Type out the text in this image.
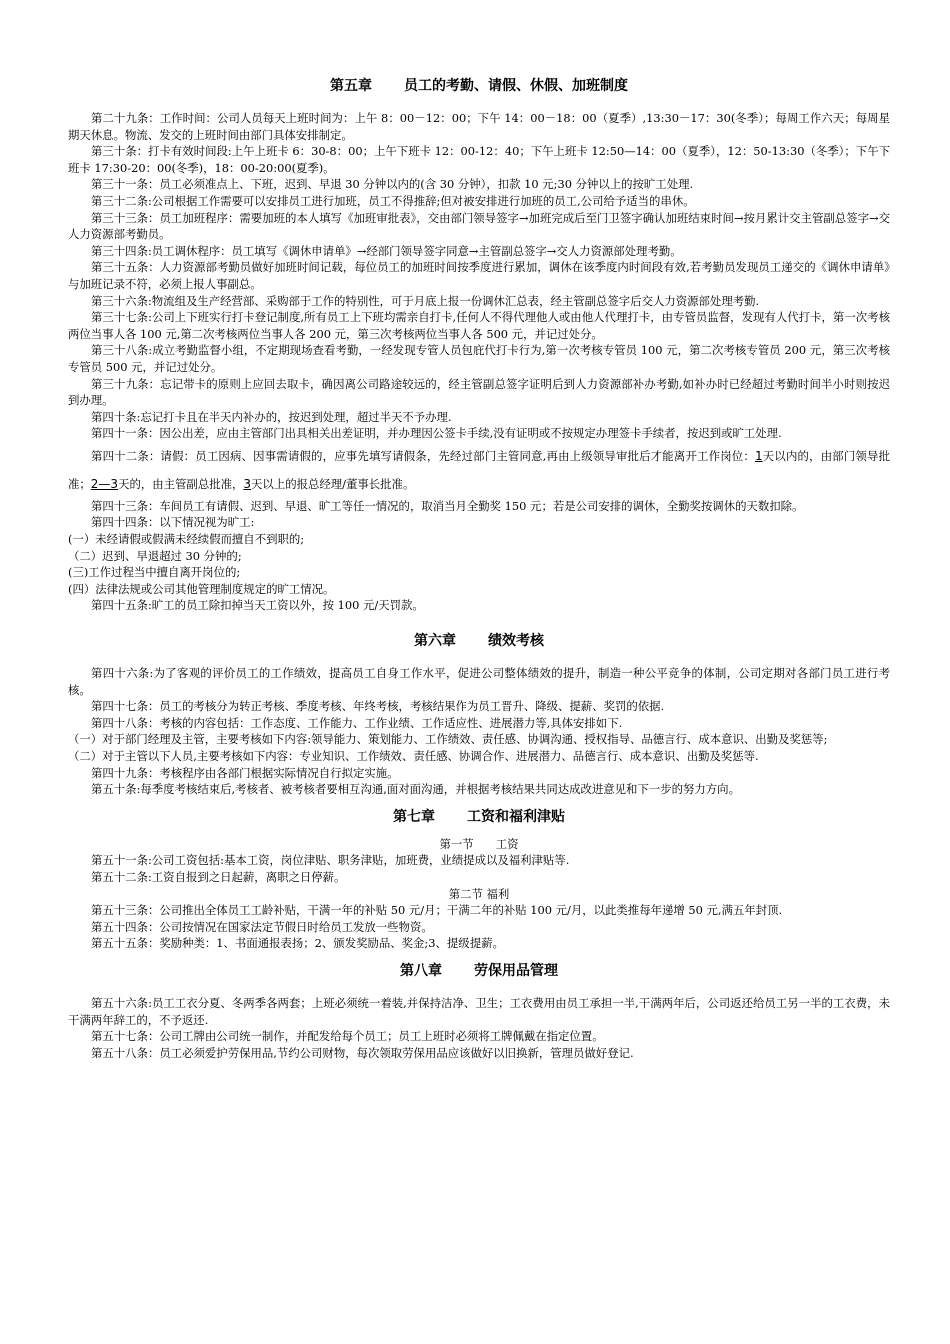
第五章 员工的考勤、请假、休假、加班制度

第二十九条：工作时间：公司人员每天上班时间为：上午 8：00－12：00；下午 14：00－18：00（夏季）,13:30－17：30(冬季）；每周工作六天；每周星期天休息。物流、发交的上班时间由部门具体安排制定。

第三十条：打卡有效时间段:上午上班卡 6：30-8：00；上午下班卡 12：00-12：40；下午上班卡 12:50—14：00（夏季），12：50-13:30（冬季）；下午下班卡 17:30-20：00(冬季)，18：00-20:00(夏季)。

第三十一条：员工必须准点上、下班，迟到、早退 30 分钟以内的(含 30 分钟），扣款 10 元;30 分钟以上的按旷工处理.

第三十二条:公司根据工作需要可以安排员工进行加班，员工不得推辞;但对被安排进行加班的员工,公司给予适当的串休。

第三十三条：员工加班程序：需要加班的本人填写《加班审批表》，交由部门领导签字→加班完成后至门卫签字确认加班结束时间→按月累计交主管副总签字→交人力资源部考勤员。

第三十四条:员工调休程序：员工填写《调休申请单》→经部门领导签字同意→主管副总签字→交人力资源部处理考勤。

第三十五条：人力资源部考勤员做好加班时间记载，每位员工的加班时间按季度进行累加，调休在该季度内时间段有效,若考勤员发现员工递交的《调休申请单》与加班记录不符，必须上报人事副总。

第三十六条:物流组及生产经营部、采购部于工作的特别性，可于月底上报一份调休汇总表，经主管副总签字后交人力资源部处理考勤.

第三十七条:公司上下班实行打卡登记制度,所有员工上下班均需亲自打卡,任何人不得代理他人或由他人代理打卡，由专管员监督，发现有人代打卡，第一次考核两位当事人各 100 元,第二次考核两位当事人各 200 元，第三次考核两位当事人各 500 元，并记过处分。

第三十八条:成立考勤监督小组，不定期现场查看考勤，一经发现专管人员包庇代打卡行为,第一次考核专管员 100 元，第二次考核专管员 200 元，第三次考核专管员 500 元，并记过处分。

第三十九条：忘记带卡的原则上应回去取卡，确因离公司路途较远的，经主管副总签字证明后到人力资源部补办考勤,如补办时已经超过考勤时间半小时则按迟到办理。

第四十条:忘记打卡且在半天内补办的，按迟到处理，超过半天不予办理.

第四十一条：因公出差，应由主管部门出具相关出差证明，并办理因公签卡手续,没有证明或不按规定办理签卡手续者，按迟到或旷工处理.

第四十二条：请假：员工因病、因事需请假的，应事先填写请假条，先经过部门主管同意,再由上级领导审批后才能离开工作岗位：1天以内的，由部门领导批准；2—3天的，由主管副总批准，3天以上的报总经理/董事长批准。

第四十三条：车间员工有请假、迟到、早退、旷工等任一情况的，取消当月全勤奖 150 元；若是公司安排的调休，全勤奖按调休的天数扣除。

第四十四条：以下情况视为旷工:

(一）未经请假或假满未经续假而擅自不到职的;

（二）迟到、早退超过 30 分钟的;

(三)工作过程当中擅自离开岗位的;

(四）法律法规或公司其他管理制度规定的旷工情况。

第四十五条:旷工的员工除扣掉当天工资以外，按 100 元/天罚款。

第六章 绩效考核

第四十六条:为了客观的评价员工的工作绩效，提高员工自身工作水平，促进公司整体绩效的提升，制造一种公平竞争的体制，公司定期对各部门员工进行考核。

第四十七条：员工的考核分为转正考核、季度考核、年终考核，考核结果作为员工晋升、降级、提薪、奖罚的依据.

第四十八条：考核的内容包括：工作态度、工作能力、工作业绩、工作适应性、进展潜力等,具体安排如下.

（一）对于部门经理及主管，主要考核如下内容:领导能力、策划能力、工作绩效、责任感、协调沟通、授权指导、品德言行、成本意识、出勤及奖惩等;

（二）对于主管以下人员,主要考核如下内容：专业知识、工作绩效、责任感、协调合作、进展潜力、品德言行、成本意识、出勤及奖惩等.

第四十九条：考核程序由各部门根据实际情况自行拟定实施。

第五十条:每季度考核结束后,考核者、被考核者要相互沟通,面对面沟通，并根据考核结果共同达成改进意见和下一步的努力方向。

第七章 工资和福利津贴

第一节 工资

第五十一条:公司工资包括:基本工资，岗位津贴、职务津贴，加班费，业绩提成以及福利津贴等.

第五十二条:工资自报到之日起薪，离职之日停薪。

第二节 福利

第五十三条：公司推出全体员工工龄补贴，干满一年的补贴 50 元/月；干满二年的补贴 100 元/月，以此类推每年递增 50 元,满五年封顶.

第五十四条：公司按情况在国家法定节假日时给员工发放一些物资。

第五十五条：奖励种类：1、书面通报表扬；2、颁发奖励品、奖金;3、提级提薪。

第八章 劳保用品管理

第五十六条:员工工衣分夏、冬两季各两套；上班必须统一着装,并保持洁净、卫生；工衣费用由员工承担一半,干满两年后，公司返还给员工另一半的工衣费，未干满两年辞工的，不予返还.

第五十七条：公司工牌由公司统一制作，并配发给每个员工；员工上班时必须将工牌佩戴在指定位置。

第五十八条：员工必须爱护劳保用品,节约公司财物，每次领取劳保用品应该做好以旧换新，管理员做好登记.
